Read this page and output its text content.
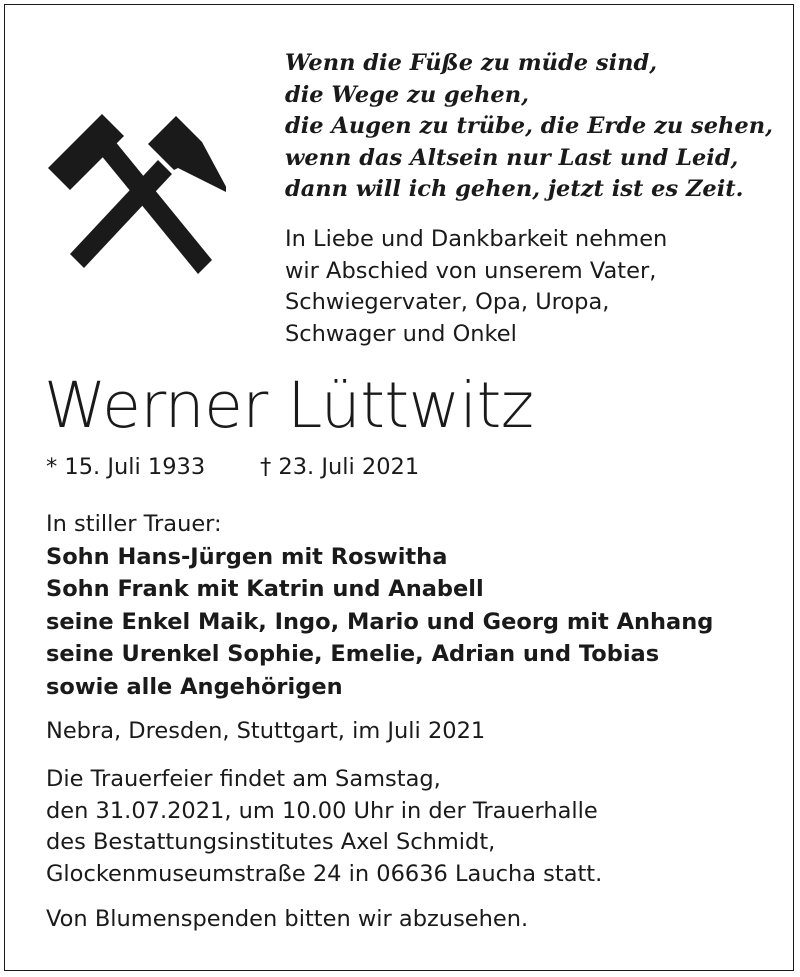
Wenn die Füße zu müde sind,
die Wege zu gehen,
die Augen zu trübe, die Erde zu sehen,
wenn das Altsein nur Last und Leid,
dann will ich gehen, jetzt ist es Zeit.
In Liebe und Dankbarkeit nehmen
wir Abschied von unserem Vater,
Schwiegervater, Opa, Uropa,
Schwager und Onkel
Werner Lüttwitz
* 15. Juli 1933 † 23. Juli 2021
In stiller Trauer:
Sohn Hans-Jürgen mit Roswitha
Sohn Frank mit Katrin und Anabell
seine Enkel Maik, Ingo, Mario und Georg mit Anhang
seine Urenkel Sophie, Emelie, Adrian und Tobias
sowie alle Angehörigen
Nebra, Dresden, Stuttgart, im Juli 2021
Die Trauerfeier findet am Samstag,
den 31.07.2021, um 10.00 Uhr in der Trauerhalle
des Bestattungsinstitutes Axel Schmidt,
Glockenmuseumstraße 24 in 06636 Laucha statt.
Von Blumenspenden bitten wir abzusehen.
